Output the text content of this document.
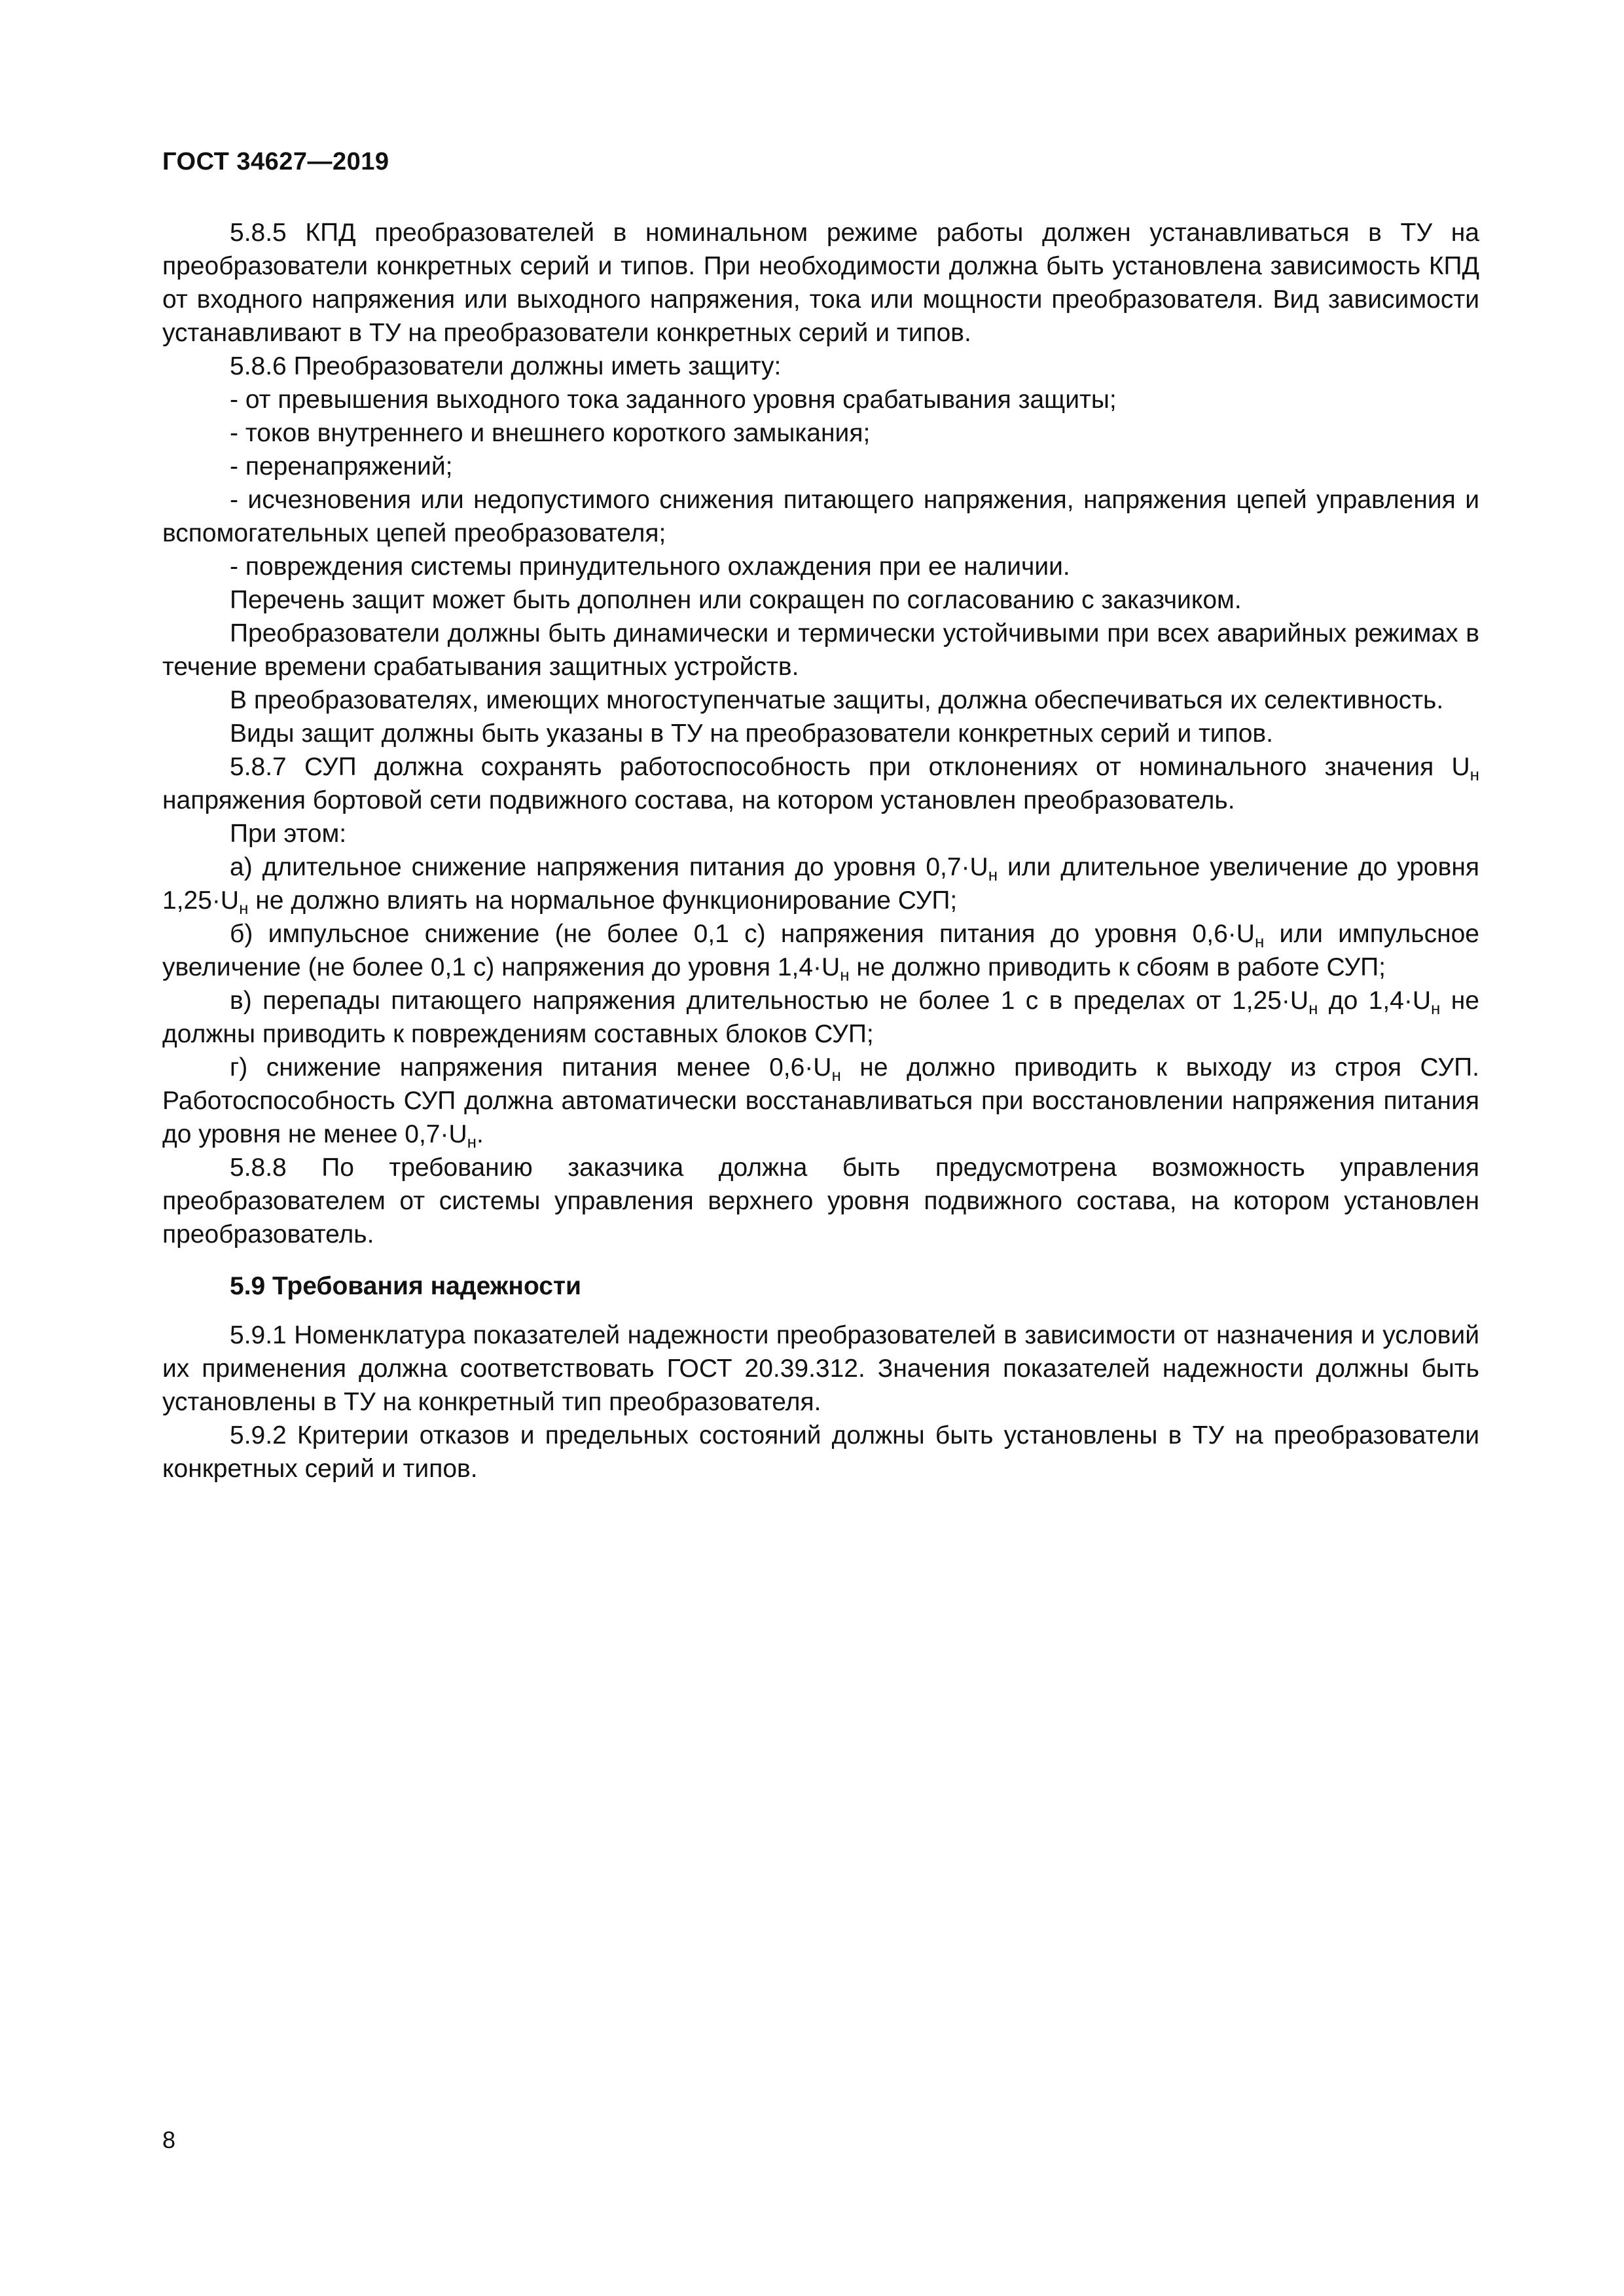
ГОСТ 34627—2019

5.8.5 КПД преобразователей в номинальном режиме работы должен устанавливаться в ТУ на преобразователи конкретных серий и типов. При необходимости должна быть установлена зависимость КПД от входного напряжения или выходного напряжения, тока или мощности преобразователя. Вид зависимости устанавливают в ТУ на преобразователи конкретных серий и типов.

5.8.6 Преобразователи должны иметь защиту:

- от превышения выходного тока заданного уровня срабатывания защиты;

- токов внутреннего и внешнего короткого замыкания;

- перенапряжений;

- исчезновения или недопустимого снижения питающего напряжения, напряжения цепей управления и вспомогательных цепей преобразователя;

- повреждения системы принудительного охлаждения при ее наличии.

Перечень защит может быть дополнен или сокращен по согласованию с заказчиком.

Преобразователи должны быть динамически и термически устойчивыми при всех аварийных режимах в течение времени срабатывания защитных устройств.

В преобразователях, имеющих многоступенчатые защиты, должна обеспечиваться их селективность.

Виды защит должны быть указаны в ТУ на преобразователи конкретных серий и типов.

5.8.7 СУП должна сохранять работоспособность при отклонениях от номинального значения $U_н$ напряжения бортовой сети подвижного состава, на котором установлен преобразователь.

При этом:

а) длительное снижение напряжения питания до уровня $0,7\cdot U_н$ или длительное увеличение до уровня $1,25\cdot U_н$ не должно влиять на нормальное функционирование СУП;

б) импульсное снижение (не более 0,1 с) напряжения питания до уровня $0,6\cdot U_н$ или импульсное увеличение (не более 0,1 с) напряжения до уровня $1,4\cdot U_н$ не должно приводить к сбоям в работе СУП;

в) перепады питающего напряжения длительностью не более 1 с в пределах от $1,25\cdot U_н$ до $1,4\cdot U_н$ не должны приводить к повреждениям составных блоков СУП;

г) снижение напряжения питания менее $0,6\cdot U_н$ не должно приводить к выходу из строя СУП. Работоспособность СУП должна автоматически восстанавливаться при восстановлении напряжения питания до уровня не менее $0,7\cdot U_н$.

5.8.8 По требованию заказчика должна быть предусмотрена возможность управления преобразователем от системы управления верхнего уровня подвижного состава, на котором установлен преобразователь.

5.9 Требования надежности

5.9.1 Номенклатура показателей надежности преобразователей в зависимости от назначения и условий их применения должна соответствовать ГОСТ 20.39.312. Значения показателей надежности должны быть установлены в ТУ на конкретный тип преобразователя.

5.9.2 Критерии отказов и предельных состояний должны быть установлены в ТУ на преобразователи конкретных серий и типов.

8
